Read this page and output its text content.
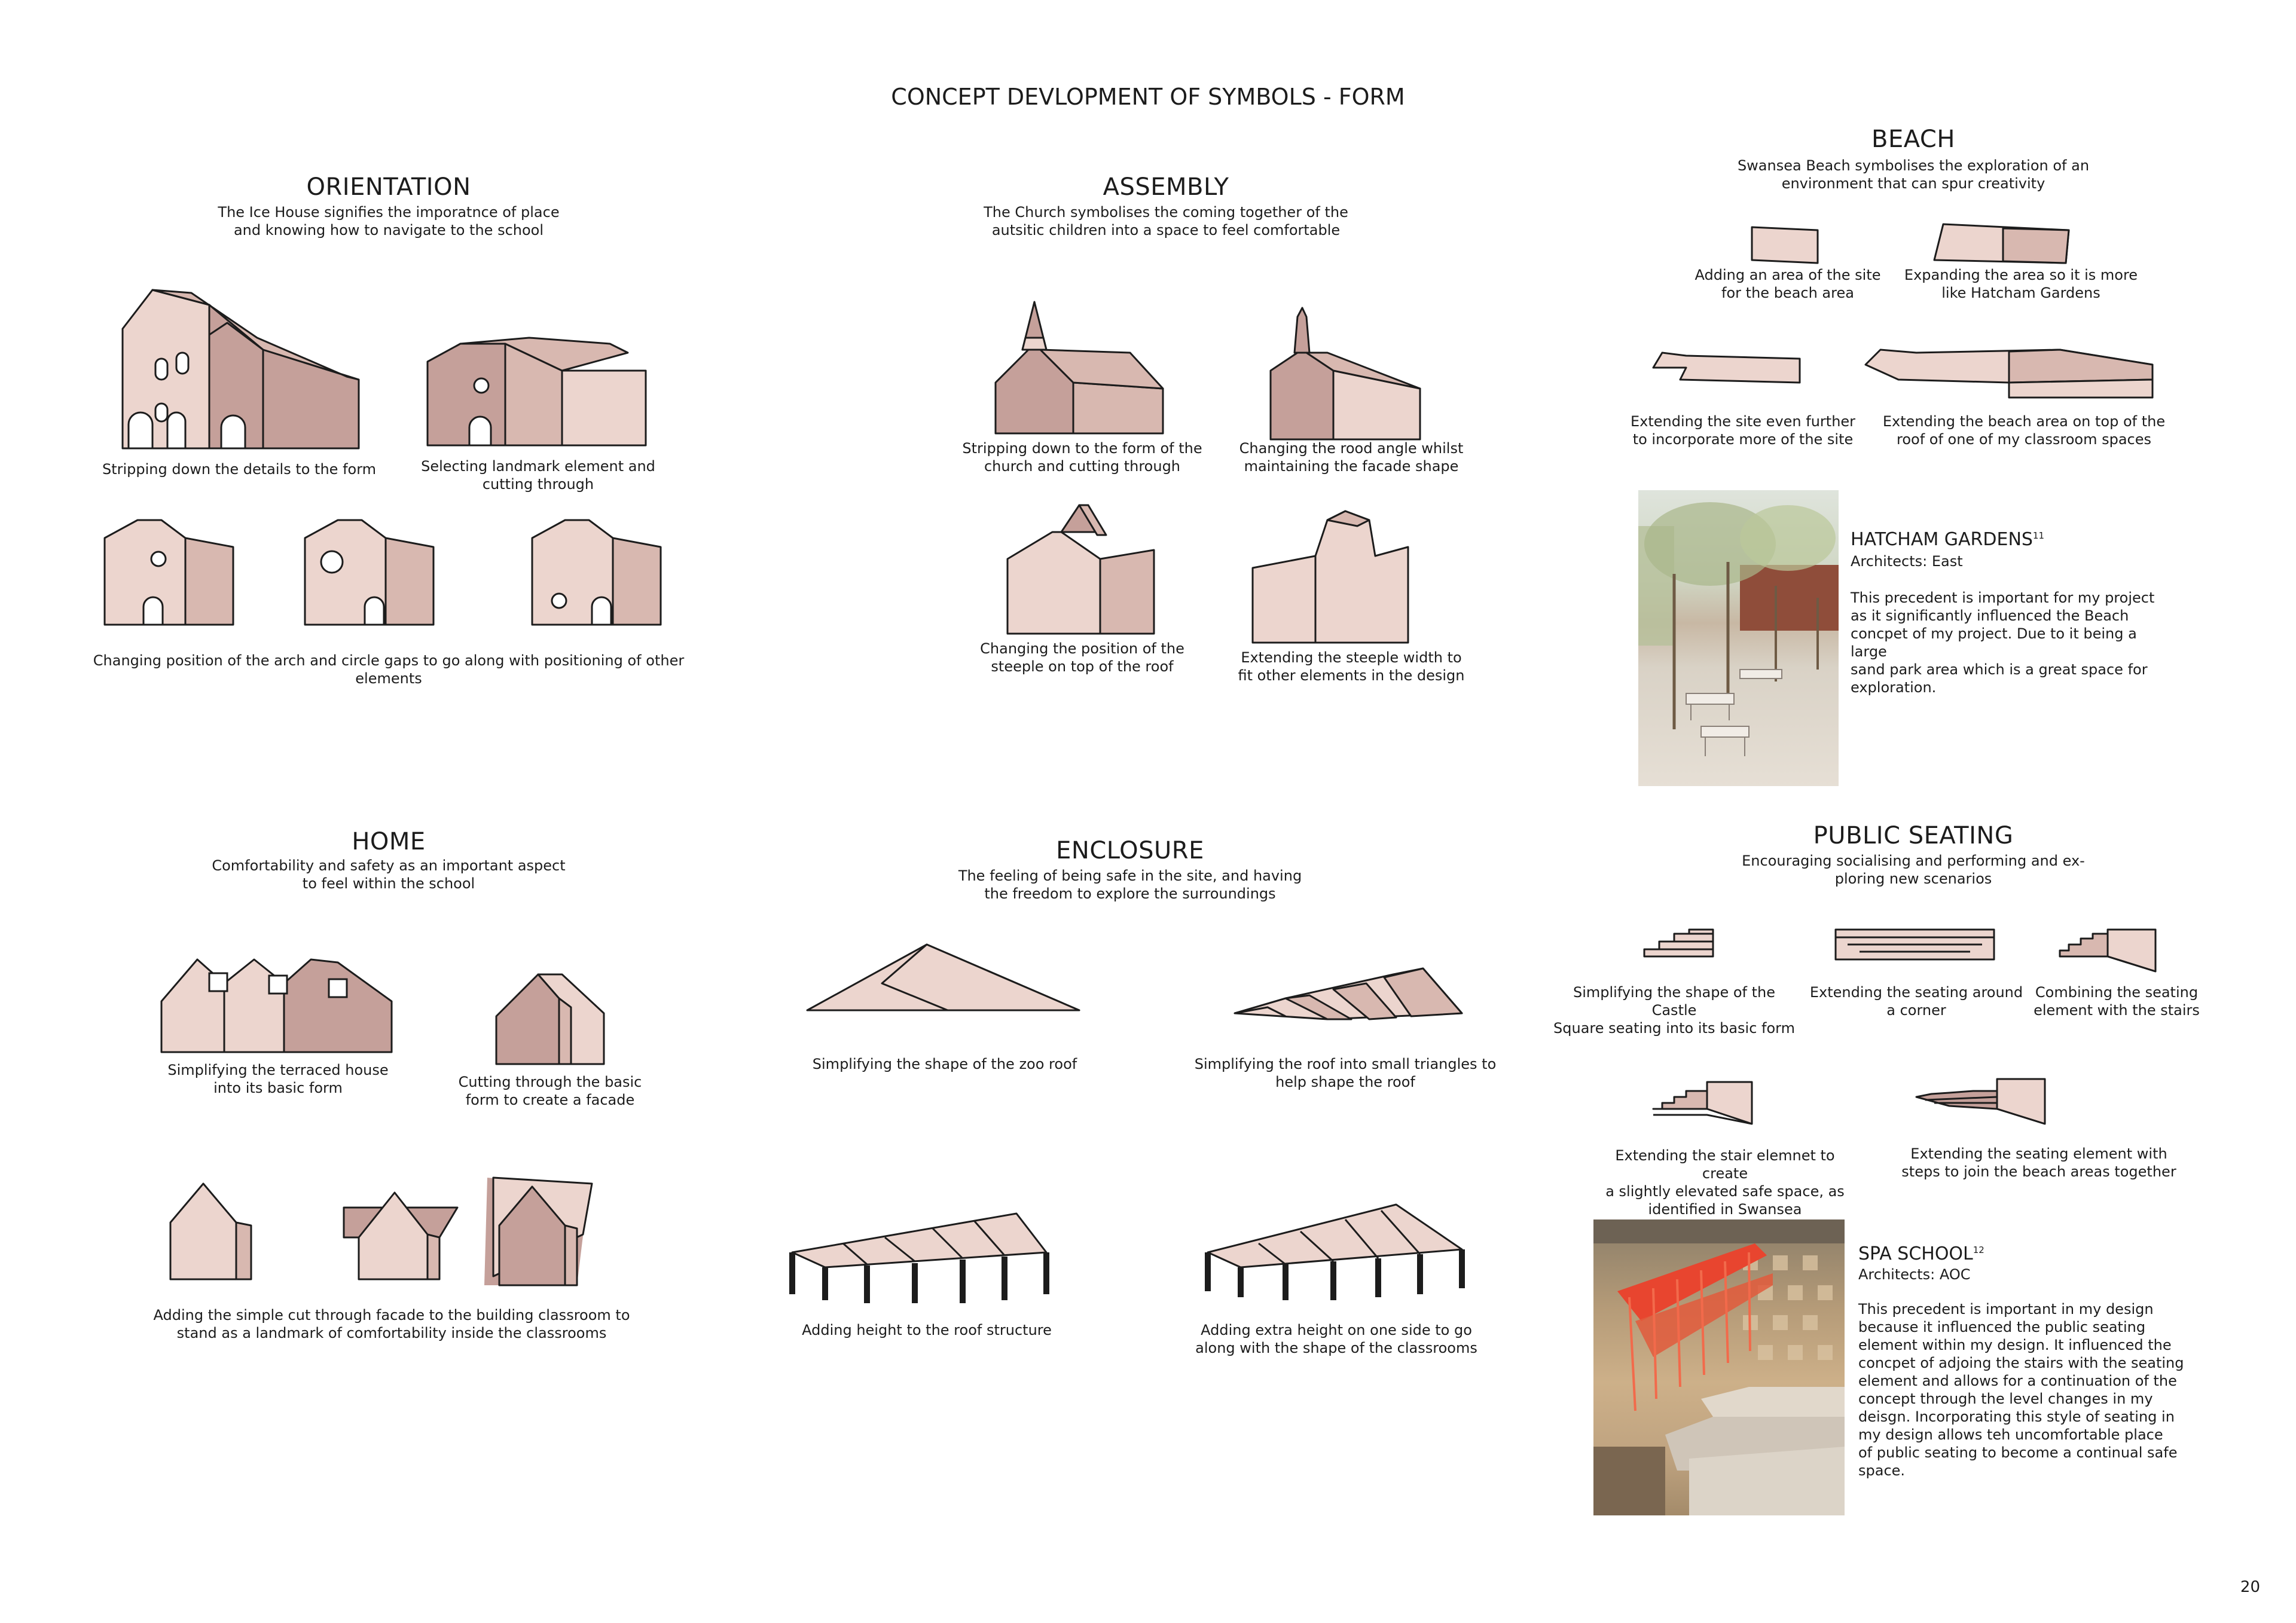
CONCEPT DEVLOPMENT OF SYMBOLS - FORM
ORIENTATION
The Ice House signifies the imporatnce of place
and knowing how to navigate to the school
Stripping down the details to the form	Selecting landmark element and
cutting through
Changing position of the arch and circle gaps to go along with positioning of other
elements
ASSEMBLY
The Church symbolises the coming together of the
autsitic children into a space to feel comfortable
Stripping down to the form of the
church and cutting through
Changing the rood angle whilst
maintaining the facade shape
Changing the position of the
steeple on top of the roof
Extending the steeple width to
fit other elements in the design
BEACH
Swansea Beach symbolises the exploration of an
environment that can spur creativity
Adding an area of the site
for the beach area
Expanding the area so it is more
like Hatcham Gardens
Extending the site even further
to incorporate more of the site
Extending the beach area on top of the
roof of one of my classroom spaces
HATCHAM GARDENS$^{11}$
Architects: East
This precedent is important for my project
as it significantly influenced the Beach
concpet of my project. Due to it being a large
sand park area which is a great space for
exploration.
HOME
Comfortability and safety as an important aspect
to feel within the school
Simplifying the terraced house
into its basic form	Cutting through the basic
form to create a facade
Adding the simple cut through facade to the building classroom to
stand as a landmark of comfortability inside the classrooms
ENCLOSURE
The feeling of being safe in the site, and having
the freedom to explore the surroundings
Simplifying the shape of the zoo roof	Simplifying the roof into small triangles to
help shape the roof
Adding height to the roof structure	Adding extra height on one side to go
along with the shape of the classrooms
PUBLIC SEATING
Encouraging socialising and performing and ex-
ploring new scenarios
Simplifying the shape of the Castle
Square seating into its basic form
Extending the seating around
a corner
Combining the seating
element with the stairs
Extending the stair elemnet to create
a slightly elevated safe space, as
identified in Swansea
Extending the seating element with
steps to join the beach areas together
SPA SCHOOL$^{12}$
Architects: AOC
This precedent is important in my design
because it influenced the public seating
element within my design. It influenced the
concpet of adjoing the stairs with the seating
element and allows for a continuation of the
concept through the level changes in my
deisgn. Incorporating this style of seating in
my design allows teh uncomfortable place
of public seating to become a continual safe
space.
20
